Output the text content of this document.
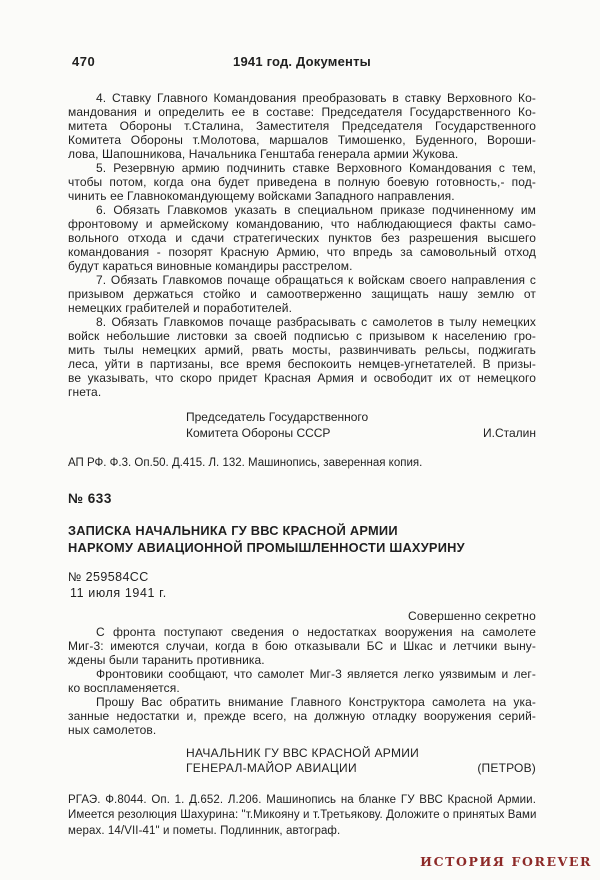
470	1941 год. Документы
4. Ставку Главного Командования преобразовать в ставку Верховного Ко-
мандования и определить ее в составе: Председателя Государственного Ко-
митета Обороны т.Сталина, Заместителя Председателя Государственного
Комитета Обороны т.Молотова, маршалов Тимошенко, Буденного, Вороши-
лова, Шапошникова, Начальника Генштаба генерала армии Жукова.
5. Резервную армию подчинить ставке Верховного Командования с тем,
чтобы потом, когда она будет приведена в полную боевую готовность,- под-
чинить ее Главнокомандующему войсками Западного направления.
6. Обязать Главкомов указать в специальном приказе подчиненному им
фронтовому и армейскому командованию, что наблюдающиеся факты само-
вольного отхода и сдачи стратегических пунктов без разрешения высшего
командования - позорят Красную Армию, что впредь за самовольный отход
будут караться виновные командиры расстрелом.
7. Обязать Главкомов почаще обращаться к войскам своего направления с
призывом держаться стойко и самоотверженно защищать нашу землю от
немецких грабителей и поработителей.
8. Обязать Главкомов почаще разбрасывать с самолетов в тылу немецких
войск небольшие листовки за своей подписью с призывом к населению гро-
мить тылы немецких армий, рвать мосты, развинчивать рельсы, поджигать
леса, уйти в партизаны, все время беспокоить немцев-угнетателей. В призы-
ве указывать, что скоро придет Красная Армия и освободит их от немецкого
гнета.
Председатель Государственного
Комитета Обороны СССР	И.Сталин
АП РФ. Ф.3. Оп.50. Д.415. Л. 132. Машинопись, заверенная копия.
№ 633
ЗАПИСКА НАЧАЛЬНИКА ГУ ВВС КРАСНОЙ АРМИИ
НАРКОМУ АВИАЦИОННОЙ ПРОМЫШЛЕННОСТИ ШАХУРИНУ
№ 259584СС
11 июля 1941 г.
Совершенно секретно
С фронта поступают сведения о недостатках вооружения на самолете
Миг-3: имеются случаи, когда в бою отказывали БС и Шкас и летчики выну-
ждены были таранить противника.
Фронтовики сообщают, что самолет Миг-3 является легко уязвимым и лег-
ко воспламеняется.
Прошу Вас обратить внимание Главного Конструктора самолета на ука-
занные недостатки и, прежде всего, на должную отладку вооружения серий-
ных самолетов.
НАЧАЛЬНИК ГУ ВВС КРАСНОЙ АРМИИ
ГЕНЕРАЛ-МАЙОР АВИАЦИИ	(ПЕТРОВ)
РГАЭ. Ф.8044. Оп. 1. Д.652. Л.206. Машинопись на бланке ГУ ВВС Красной Армии.
Имеется резолюция Шахурина: "т.Микояну и т.Третьякову. Доложите о принятых Вами
мерах. 14/VII-41" и пометы. Подлинник, автограф.
ИСТОРИЯ FOREVER
